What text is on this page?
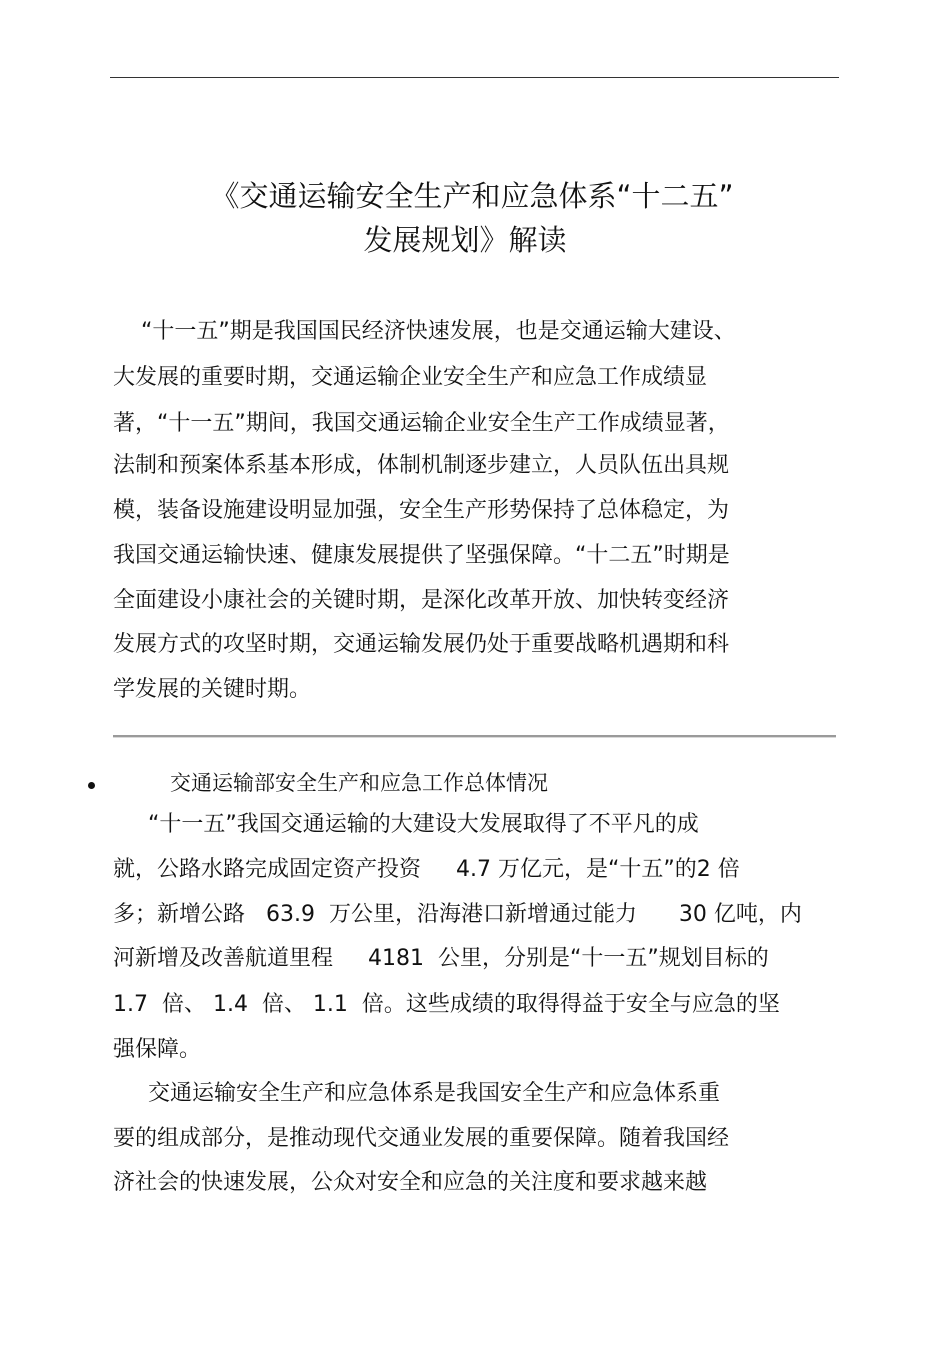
《交通运输安全生产和应急体系“十二五”
发展规划》解读
“十一五”期是我国国民经济快速发展，也是交通运输大建设、
大发展的重要时期，交通运输企业安全生产和应急工作成绩显
著，“十一五”期间，我国交通运输企业安全生产工作成绩显著，
法制和预案体系基本形成，体制机制逐步建立，人员队伍出具规
模，装备设施建设明显加强，安全生产形势保持了总体稳定，为
我国交通运输快速、健康发展提供了坚强保障。“十二五”时期是
全面建设小康社会的关键时期，是深化改革开放、加快转变经济
发展方式的攻坚时期，交通运输发展仍处于重要战略机遇期和科
学发展的关键时期。
交通运输部安全生产和应急工作总体情况
“十一五”我国交通运输的大建设大发展取得了不平凡的成
就，公路水路完成固定资产投资     4.7 万亿元，是“十五”的2 倍
多；新增公路   63.9  万公里，沿海港口新增通过能力      30 亿吨，内
河新增及改善航道里程     4181  公里，分别是“十一五”规划目标的
1.7  倍、 1.4  倍、 1.1  倍。这些成绩的取得得益于安全与应急的坚
强保障。
交通运输安全生产和应急体系是我国安全生产和应急体系重
要的组成部分，是推动现代交通业发展的重要保障。随着我国经
济社会的快速发展，公众对安全和应急的关注度和要求越来越
